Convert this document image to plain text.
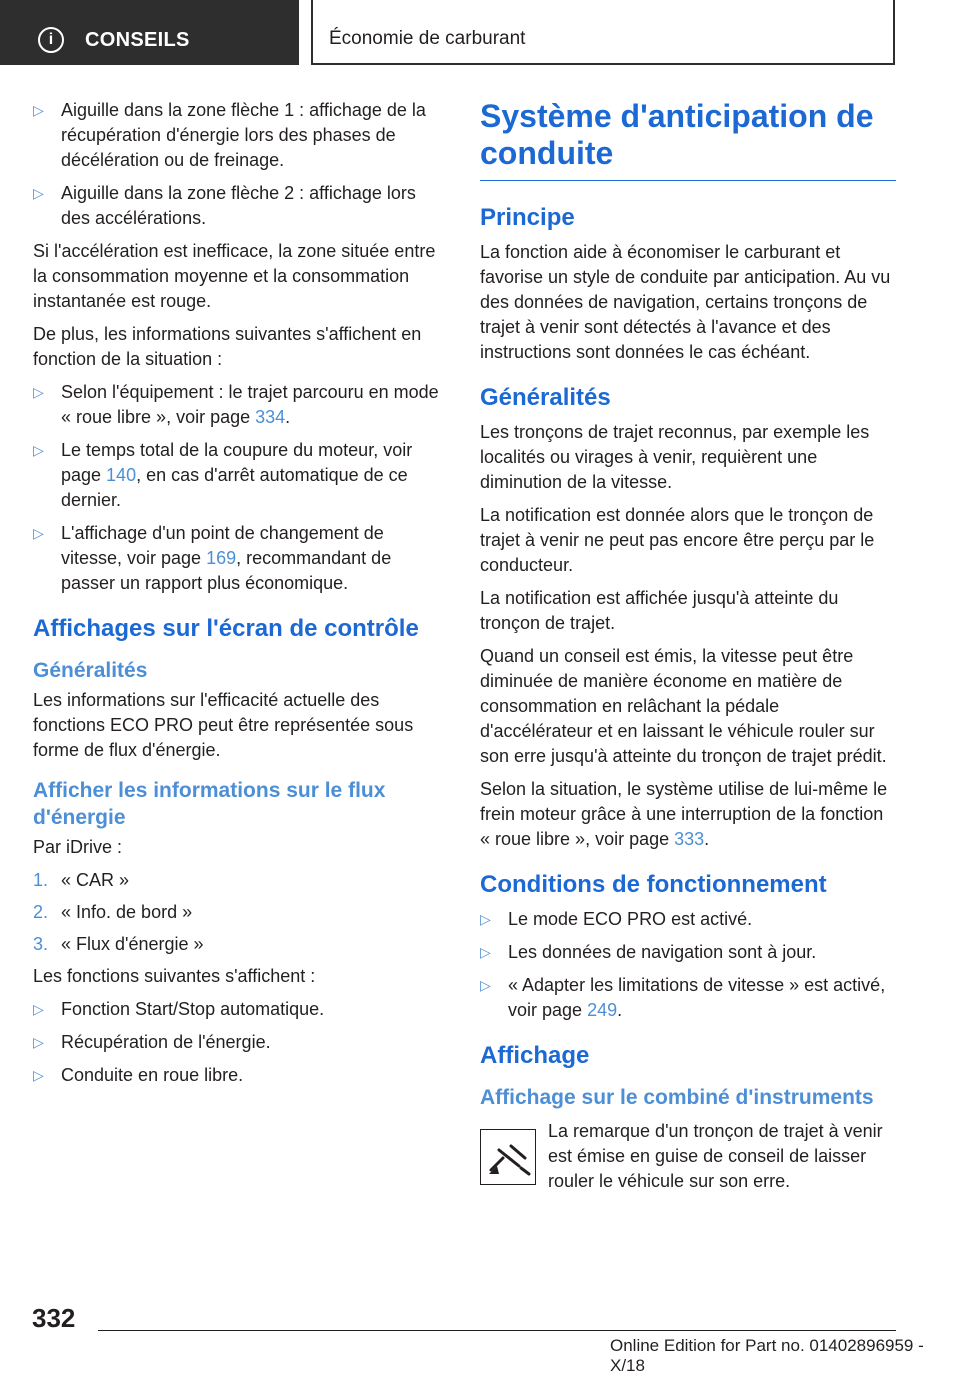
i	CONSEILS	Économie de carburant
▷ Aiguille dans la zone flèche 1 : affichage de la récupération d'énergie lors des phases de décélération ou de freinage.
▷ Aiguille dans la zone flèche 2 : affichage lors des accélérations.

Si l'accélération est inefficace, la zone située entre la consommation moyenne et la consommation instantanée est rouge.

De plus, les informations suivantes s'affichent en fonction de la situation :

▷ Selon l'équipement : le trajet parcouru en mode « roue libre », voir page 334.
▷ Le temps total de la coupure du moteur, voir page 140, en cas d'arrêt automatique de ce dernier.
▷ L'affichage d'un point de changement de vitesse, voir page 169, recommandant de passer un rapport plus économique.
Affichages sur l'écran de contrôle
Généralités

Les informations sur l'efficacité actuelle des fonctions ECO PRO peut être représentée sous forme de flux d'énergie.

Afficher les informations sur le flux d'énergie

Par iDrive :

1. « CAR »
2. « Info. de bord »
3. « Flux d'énergie »

Les fonctions suivantes s'affichent :

▷ Fonction Start/Stop automatique.
▷ Récupération de l'énergie.
▷ Conduite en roue libre.
Système d'anticipation de conduite
Principe

La fonction aide à économiser le carburant et favorise un style de conduite par anticipation. Au vu des données de navigation, certains tronçons de trajet à venir sont détectés à l'avance et des instructions sont données le cas échéant.

Généralités

Les tronçons de trajet reconnus, par exemple les localités ou virages à venir, requièrent une diminution de la vitesse.

La notification est donnée alors que le tronçon de trajet à venir ne peut pas encore être perçu par le conducteur.

La notification est affichée jusqu'à atteinte du tronçon de trajet.

Quand un conseil est émis, la vitesse peut être diminuée de manière économe en matière de consommation en relâchant la pédale d'accélérateur et en laissant le véhicule rouler sur son erre jusqu'à atteinte du tronçon de trajet prédit.

Selon la situation, le système utilise de lui-même le frein moteur grâce à une interruption de la fonction « roue libre », voir page 333.

Conditions de fonctionnement
▷ Le mode ECO PRO est activé.
▷ Les données de navigation sont à jour.
▷ « Adapter les limitations de vitesse » est activé, voir page 249.
Affichage
Affichage sur le combiné d'instruments
La remarque d'un tronçon de trajet à venir est émise en guise de conseil de laisser rouler le véhicule sur son erre.
332
Online Edition for Part no. 01402896959 - X/18
